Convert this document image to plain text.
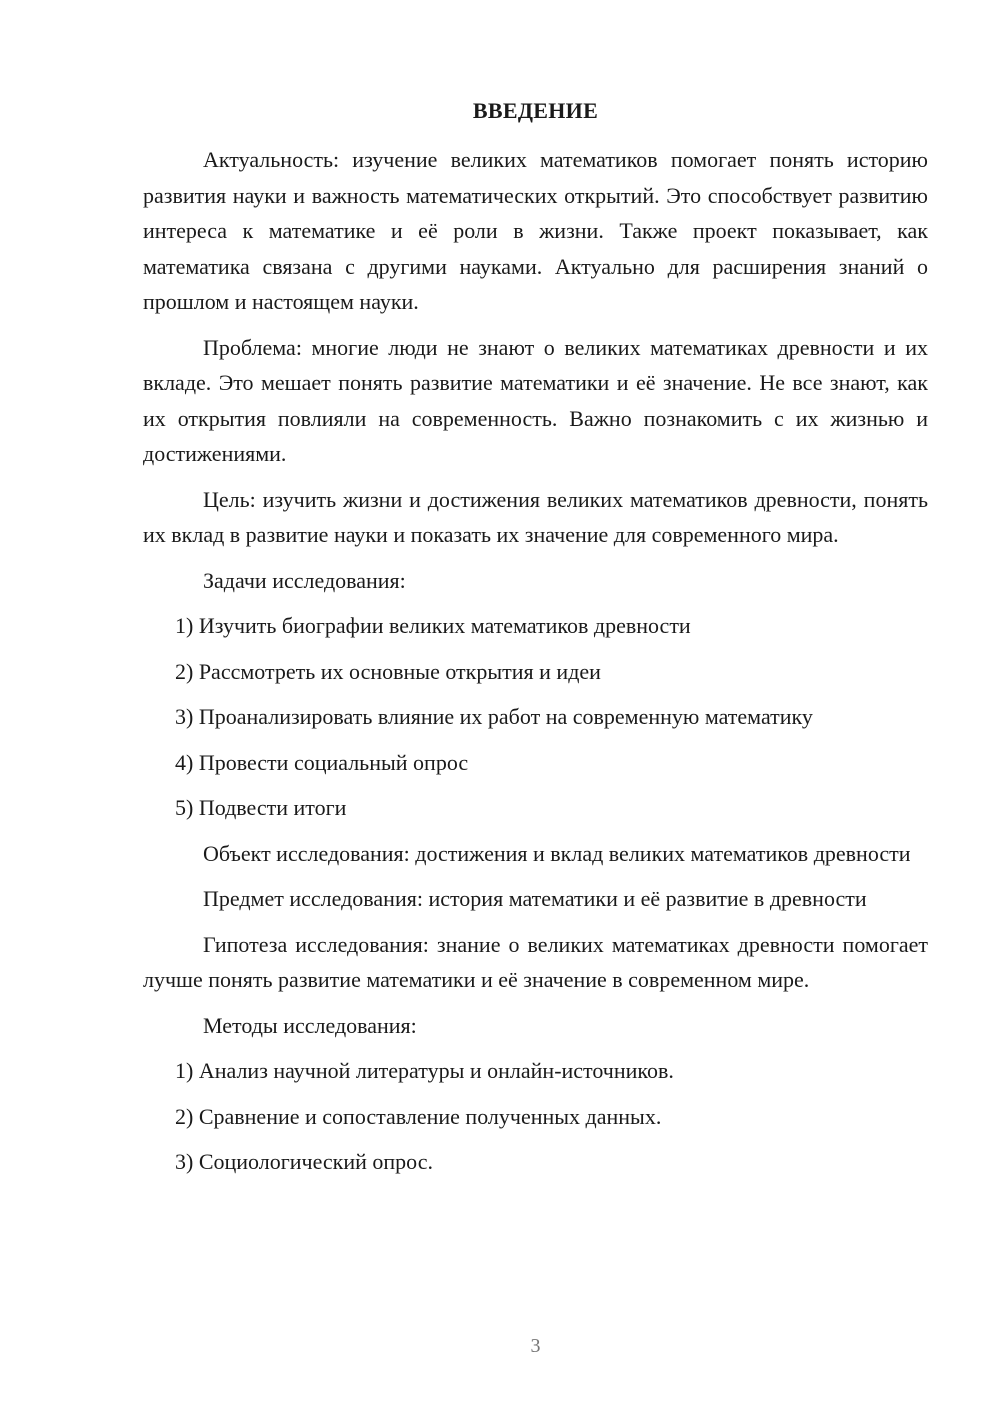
ВВЕДЕНИЕ

Актуальность: изучение великих математиков помогает понять историю развития науки и важность математических открытий. Это способствует развитию интереса к математике и её роли в жизни. Также проект показывает, как математика связана с другими науками. Актуально для расширения знаний о прошлом и настоящем науки.

Проблема: многие люди не знают о великих математиках древности и их вкладе. Это мешает понять развитие математики и её значение. Не все знают, как их открытия повлияли на современность. Важно познакомить с их жизнью и достижениями.

Цель: изучить жизни и достижения великих математиков древности, понять их вклад в развитие науки и показать их значение для современного мира.

Задачи исследования:

1) Изучить биографии великих математиков древности
2) Рассмотреть их основные открытия и идеи
3) Проанализировать влияние их работ на современную математику
4) Провести социальный опрос
5) Подвести итоги

Объект исследования: достижения и вклад великих математиков древности

Предмет исследования: история математики и её развитие в древности

Гипотеза исследования: знание о великих математиках древности помогает лучше понять развитие математики и её значение в современном мире.

Методы исследования:

1) Анализ научной литературы и онлайн-источников.
2) Сравнение и сопоставление полученных данных.
3) Социологический опрос.
3
